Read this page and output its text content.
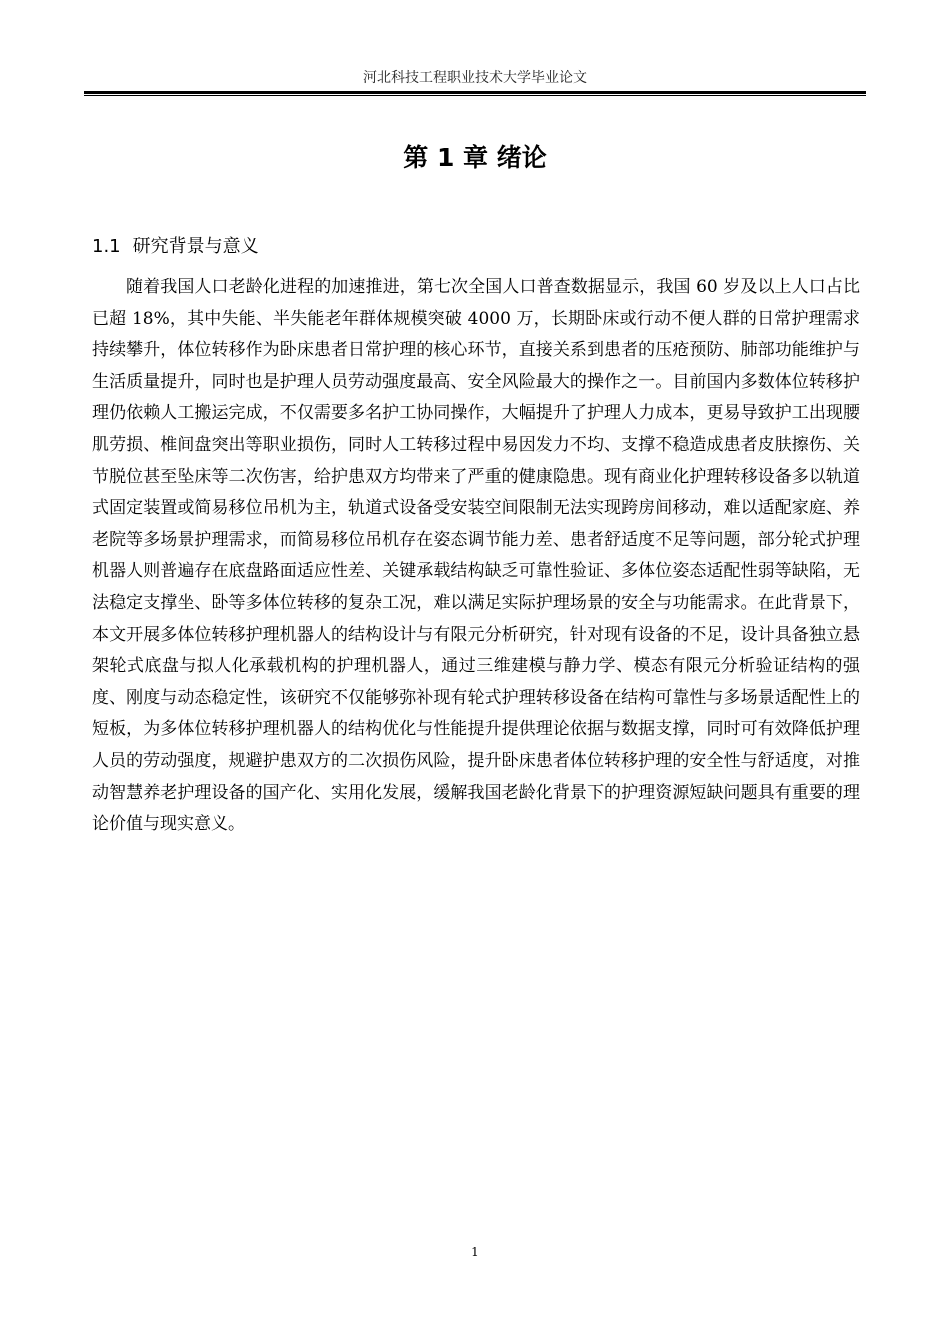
河北科技工程职业技术大学毕业论文
第 1 章 绪论
1.1 研究背景与意义

随着我国人口老龄化进程的加速推进，第七次全国人口普查数据显示，我国 60 岁及以上人口占比已超 18%，其中失能、半失能老年群体规模突破 4000 万，长期卧床或行动不便人群的日常护理需求持续攀升，体位转移作为卧床患者日常护理的核心环节，直接关系到患者的压疮预防、肺部功能维护与生活质量提升，同时也是护理人员劳动强度最高、安全风险最大的操作之一。目前国内多数体位转移护理仍依赖人工搬运完成，不仅需要多名护工协同操作，大幅提升了护理人力成本，更易导致护工出现腰肌劳损、椎间盘突出等职业损伤，同时人工转移过程中易因发力不均、支撑不稳造成患者皮肤擦伤、关节脱位甚至坠床等二次伤害，给护患双方均带来了严重的健康隐患。现有商业化护理转移设备多以轨道式固定装置或简易移位吊机为主，轨道式设备受安装空间限制无法实现跨房间移动，难以适配家庭、养老院等多场景护理需求，而简易移位吊机存在姿态调节能力差、患者舒适度不足等问题，部分轮式护理机器人则普遍存在底盘路面适应性差、关键承载结构缺乏可靠性验证、多体位姿态适配性弱等缺陷，无法稳定支撑坐、卧等多体位转移的复杂工况，难以满足实际护理场景的安全与功能需求。在此背景下，本文开展多体位转移护理机器人的结构设计与有限元分析研究，针对现有设备的不足，设计具备独立悬架轮式底盘与拟人化承载机构的护理机器人，通过三维建模与静力学、模态有限元分析验证结构的强度、刚度与动态稳定性，该研究不仅能够弥补现有轮式护理转移设备在结构可靠性与多场景适配性上的短板，为多体位转移护理机器人的结构优化与性能提升提供理论依据与数据支撑，同时可有效降低护理人员的劳动强度，规避护患双方的二次损伤风险，提升卧床患者体位转移护理的安全性与舒适度，对推动智慧养老护理设备的国产化、实用化发展，缓解我国老龄化背景下的护理资源短缺问题具有重要的理论价值与现实意义。

1
